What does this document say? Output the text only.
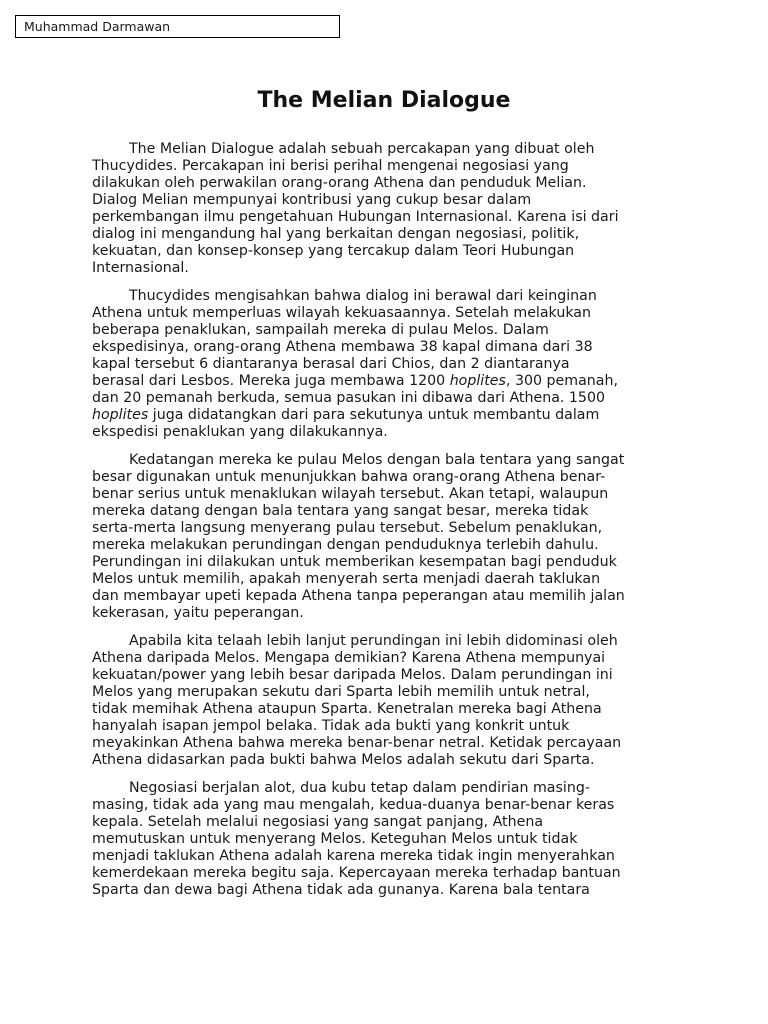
Muhammad Darmawan
The Melian Dialogue
The Melian Dialogue adalah sebuah percakapan yang dibuat oleh
Thucydides. Percakapan ini berisi perihal mengenai negosiasi yang
dilakukan oleh perwakilan orang-orang Athena dan penduduk Melian.
Dialog Melian mempunyai kontribusi yang cukup besar dalam
perkembangan ilmu pengetahuan Hubungan Internasional. Karena isi dari
dialog ini mengandung hal yang berkaitan dengan negosiasi, politik,
kekuatan, dan konsep-konsep yang tercakup dalam Teori Hubungan
Internasional.
Thucydides mengisahkan bahwa dialog ini berawal dari keinginan
Athena untuk memperluas wilayah kekuasaannya. Setelah melakukan
beberapa penaklukan, sampailah mereka di pulau Melos. Dalam
ekspedisinya, orang-orang Athena membawa 38 kapal dimana dari 38
kapal tersebut 6 diantaranya berasal dari Chios, dan 2 diantaranya
berasal dari Lesbos. Mereka juga membawa 1200 hoplites, 300 pemanah,
dan 20 pemanah berkuda, semua pasukan ini dibawa dari Athena. 1500
hoplites juga didatangkan dari para sekutunya untuk membantu dalam
ekspedisi penaklukan yang dilakukannya.
Kedatangan mereka ke pulau Melos dengan bala tentara yang sangat
besar digunakan untuk menunjukkan bahwa orang-orang Athena benar-
benar serius untuk menaklukan wilayah tersebut. Akan tetapi, walaupun
mereka datang dengan bala tentara yang sangat besar, mereka tidak
serta-merta langsung menyerang pulau tersebut. Sebelum penaklukan,
mereka melakukan perundingan dengan penduduknya terlebih dahulu.
Perundingan ini dilakukan untuk memberikan kesempatan bagi penduduk
Melos untuk memilih, apakah menyerah serta menjadi daerah taklukan
dan membayar upeti kepada Athena tanpa peperangan atau memilih jalan
kekerasan, yaitu peperangan.
Apabila kita telaah lebih lanjut perundingan ini lebih didominasi oleh
Athena daripada Melos. Mengapa demikian? Karena Athena mempunyai
kekuatan/power yang lebih besar daripada Melos. Dalam perundingan ini
Melos yang merupakan sekutu dari Sparta lebih memilih untuk netral,
tidak memihak Athena ataupun Sparta. Kenetralan mereka bagi Athena
hanyalah isapan jempol belaka. Tidak ada bukti yang konkrit untuk
meyakinkan Athena bahwa mereka benar-benar netral. Ketidak percayaan
Athena didasarkan pada bukti bahwa Melos adalah sekutu dari Sparta.
Negosiasi berjalan alot, dua kubu tetap dalam pendirian masing-
masing, tidak ada yang mau mengalah, kedua-duanya benar-benar keras
kepala. Setelah melalui negosiasi yang sangat panjang, Athena
memutuskan untuk menyerang Melos. Keteguhan Melos untuk tidak
menjadi taklukan Athena adalah karena mereka tidak ingin menyerahkan
kemerdekaan mereka begitu saja. Kepercayaan mereka terhadap bantuan
Sparta dan dewa bagi Athena tidak ada gunanya. Karena bala tentara
